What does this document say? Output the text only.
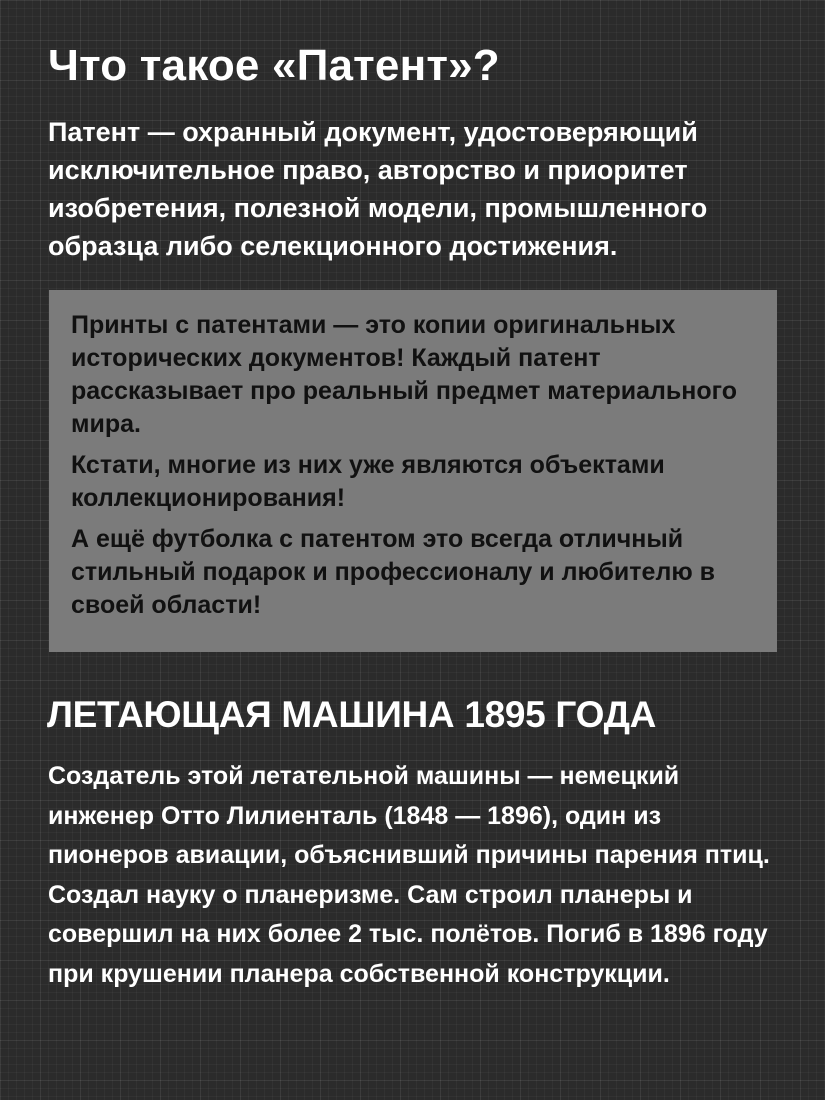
Что такое «Патент»?

Патент — охранный документ, удостоверяющий исключительное право, авторство и приоритет изобретения, полезной модели, промышленного образца либо селекционного достижения.

Принты с патентами — это копии оригинальных исторических документов! Каждый патент рассказывает про реальный предмет материального мира.

Кстати, многие из них уже являются объектами коллекционирования!

А ещё футболка с патентом это всегда отличный стильный подарок и профессионалу и любителю в своей области!

ЛЕТАЮЩАЯ МАШИНА 1895 ГОДА

Создатель этой летательной машины — немецкий инженер Отто Лилиенталь (1848 — 1896), один из пионеров авиации, объяснивший причины парения птиц. Создал науку о планеризме. Сам строил планеры и совершил на них более 2 тыс. полётов. Погиб в 1896 году при крушении планера собственной конструкции.
